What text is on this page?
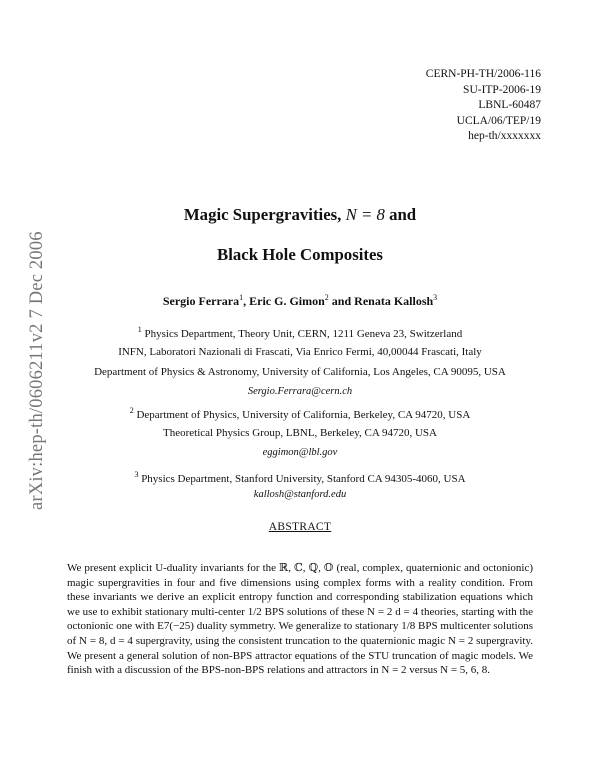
CERN-PH-TH/2006-116
SU-ITP-2006-19
LBNL-60487
UCLA/06/TEP/19
hep-th/xxxxxxx
arXiv:hep-th/0606211v2 7 Dec 2006
Magic Supergravities, N = 8 and
Black Hole Composites
Sergio Ferrara$^1$, Eric G. Gimon$^2$ and Renata Kallosh$^3$
$^1$ Physics Department, Theory Unit, CERN, 1211 Geneva 23, Switzerland
INFN, Laboratori Nazionali di Frascati, Via Enrico Fermi, 40,00044 Frascati, Italy
Department of Physics & Astronomy, University of California, Los Angeles, CA 90095, USA
Sergio.Ferrara@cern.ch
$^2$ Department of Physics, University of California, Berkeley, CA 94720, USA
Theoretical Physics Group, LBNL, Berkeley, CA 94720, USA
eggimon@lbl.gov
$^3$ Physics Department, Stanford University, Stanford CA 94305-4060, USA
kallosh@stanford.edu
ABSTRACT
We present explicit U-duality invariants for the ℝ, ℂ, ℚ, 𝕆 (real, complex, quaternionic and octonionic) magic supergravities in four and five dimensions using complex forms with a reality condition. From these invariants we derive an explicit entropy function and corresponding stabilization equations which we use to exhibit stationary multi-center 1/2 BPS solutions of these N = 2 d = 4 theories, starting with the octonionic one with E7(−25) duality symmetry. We generalize to stationary 1/8 BPS multicenter solutions of N = 8, d = 4 supergravity, using the consistent truncation to the quaternionic magic N = 2 supergravity. We present a general solution of non-BPS attractor equations of the STU truncation of magic models. We finish with a discussion of the BPS-non-BPS relations and attractors in N = 2 versus N = 5, 6, 8.
